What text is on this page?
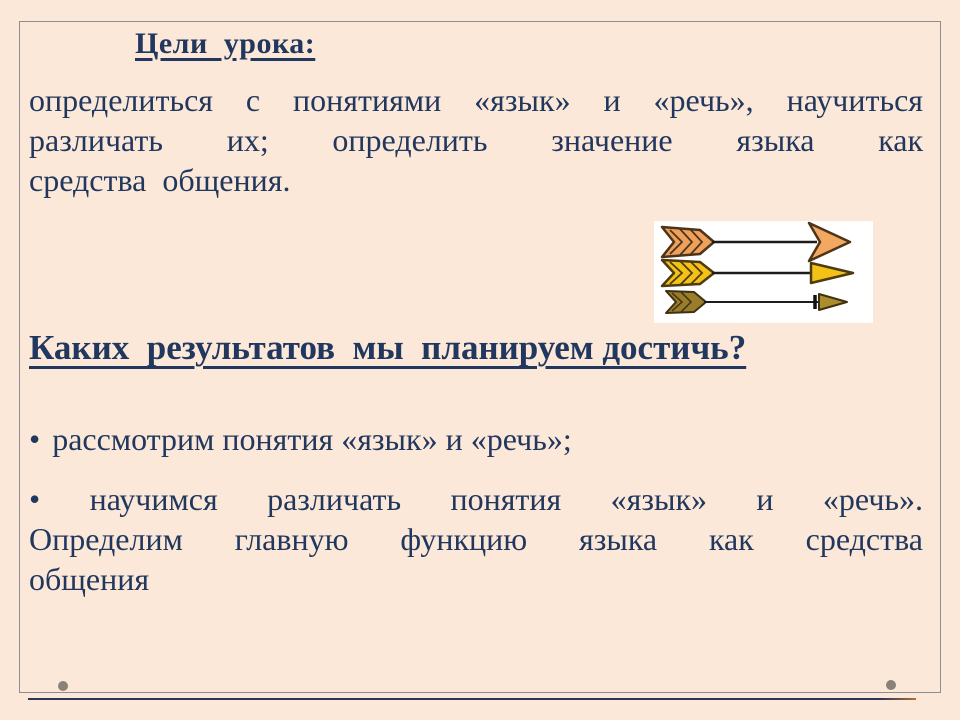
Цели  урока:
определиться с понятиями «язык» и «речь», научиться
различать их; определить значение языка как
средства  общения.
Каких  результатов  мы  планируем достичь?
• рассмотрим понятия «язык» и «речь»;
• научимся различать понятия «язык» и «речь».
Определим главную функцию языка как средства
общения
